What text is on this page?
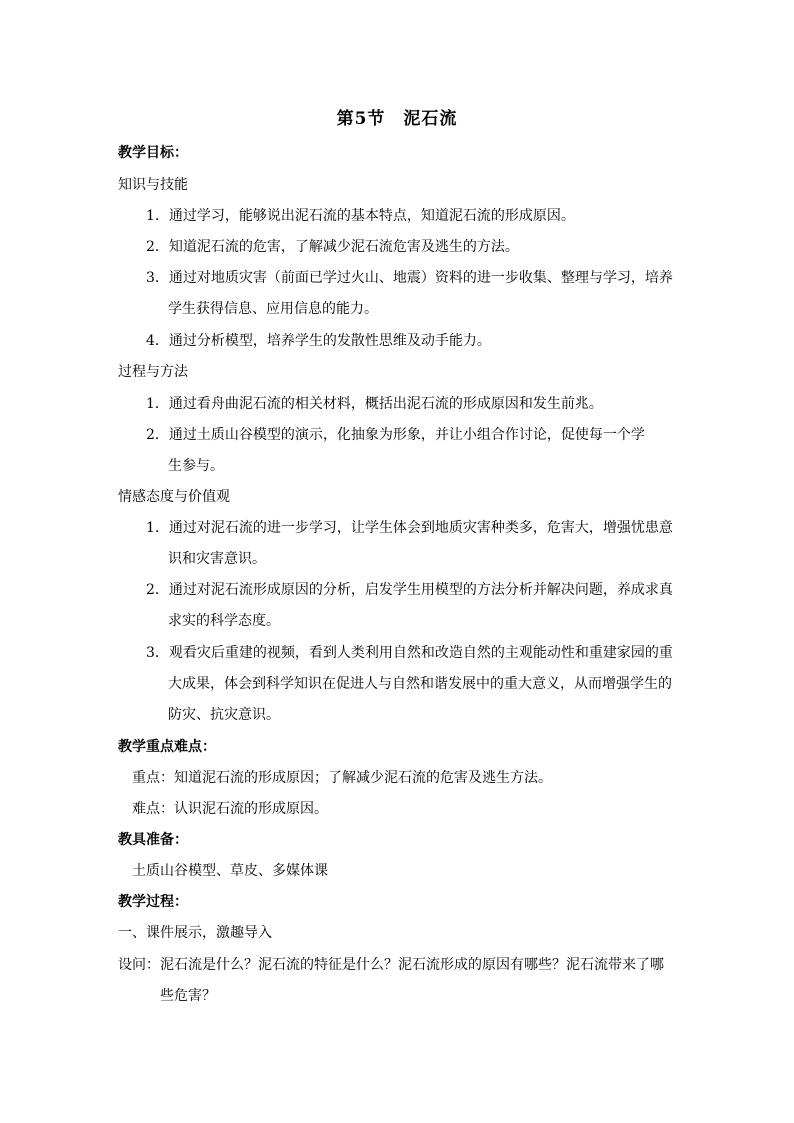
第5节　泥石流
教学目标：
知识与技能
1．通过学习，能够说出泥石流的基本特点，知道泥石流的形成原因。
2．知道泥石流的危害，了解减少泥石流危害及逃生的方法。
3．通过对地质灾害（前面已学过火山、地震）资料的进一步收集、整理与学习，培养
学生获得信息、应用信息的能力。
4．通过分析模型，培养学生的发散性思维及动手能力。
过程与方法
1．通过看舟曲泥石流的相关材料，概括出泥石流的形成原因和发生前兆。
2．通过土质山谷模型的演示，化抽象为形象，并让小组合作讨论，促使每一个学
生参与。
情感态度与价值观
1．通过对泥石流的进一步学习，让学生体会到地质灾害种类多，危害大，增强忧患意
识和灾害意识。
2．通过对泥石流形成原因的分析，启发学生用模型的方法分析并解决问题，养成求真
求实的科学态度。
3．观看灾后重建的视频，看到人类利用自然和改造自然的主观能动性和重建家园的重
大成果，体会到科学知识在促进人与自然和谐发展中的重大意义，从而增强学生的
防灾、抗灾意识。
教学重点难点：
重点：知道泥石流的形成原因；了解减少泥石流的危害及逃生方法。
难点：认识泥石流的形成原因。
教具准备：
土质山谷模型、草皮、多媒体课
教学过程：
一、课件展示，激趣导入
设问：泥石流是什么？泥石流的特征是什么？泥石流形成的原因有哪些？泥石流带来了哪
些危害？
